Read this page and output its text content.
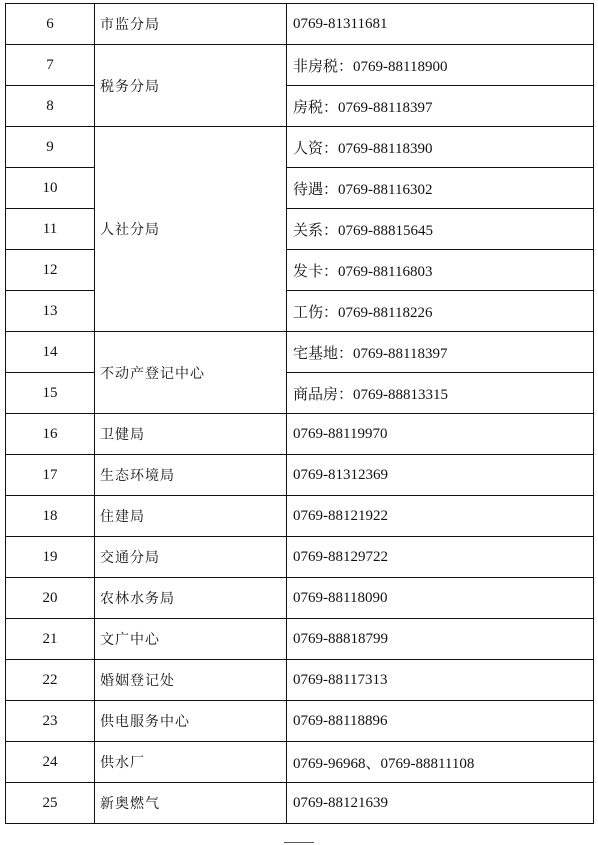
6	市监分局	0769-81311681
7	税务分局	非房税：0769-88118900
8		房税：0769-88118397
9	人社分局	人资：0769-88118390
10		待遇：0769-88116302
11		关系：0769-88815645
12		发卡：0769-88116803
13		工伤：0769-88118226
14	不动产登记中心	宅基地：0769-88118397
15		商品房：0769-88813315
16	卫健局	0769-88119970
17	生态环境局	0769-81312369
18	住建局	0769-88121922
19	交通分局	0769-88129722
20	农林水务局	0769-88118090
21	文广中心	0769-88818799
22	婚姻登记处	0769-88117313
23	供电服务中心	0769-88118896
24	供水厂	0769-96968、0769-88811108
25	新奥燃气	0769-88121639
